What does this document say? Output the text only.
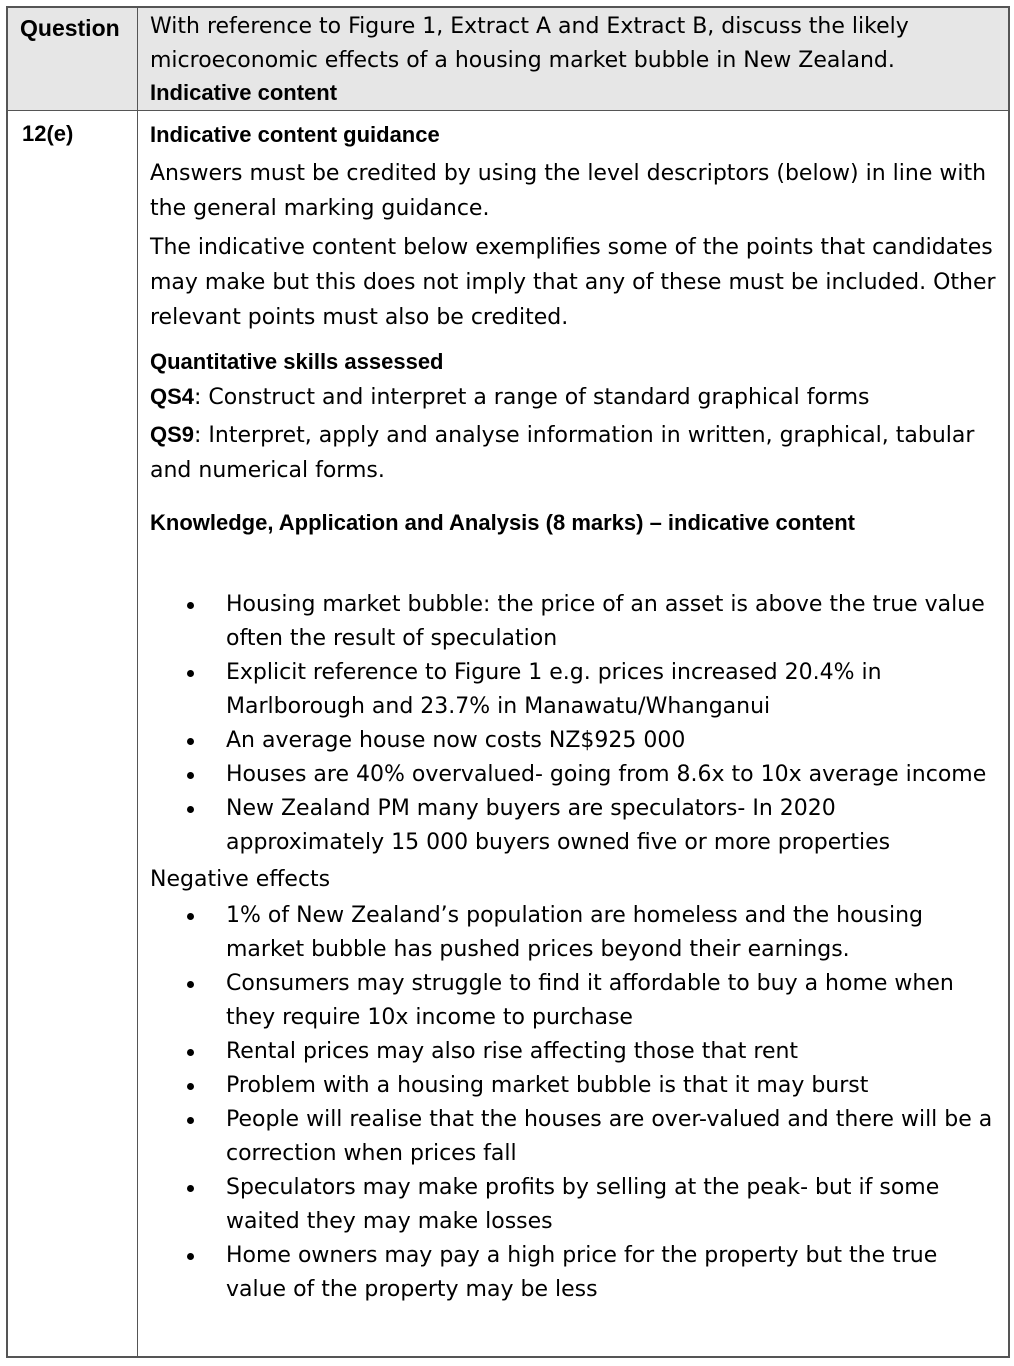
Question	With reference to Figure 1, Extract A and Extract B, discuss the likely microeconomic effects of a housing market bubble in New Zealand.
Indicative content
12(e)	Indicative content guidance

Answers must be credited by using the level descriptors (below) in line with the general marking guidance.

The indicative content below exemplifies some of the points that candidates may make but this does not imply that any of these must be included. Other relevant points must also be credited.

Quantitative skills assessed

QS4: Construct and interpret a range of standard graphical forms

QS9: Interpret, apply and analyse information in written, graphical, tabular and numerical forms.

Knowledge, Application and Analysis (8 marks) – indicative content

Housing market bubble: the price of an asset is above the true value often the result of speculation
Explicit reference to Figure 1 e.g. prices increased 20.4% in Marlborough and 23.7% in Manawatu/Whanganui
An average house now costs NZ$925 000
Houses are 40% overvalued- going from 8.6x to 10x average income
New Zealand PM many buyers are speculators- In 2020 approximately 15 000 buyers owned five or more properties

Negative effects

1% of New Zealand’s population are homeless and the housing market bubble has pushed prices beyond their earnings.
Consumers may struggle to find it affordable to buy a home when they require 10x income to purchase
Rental prices may also rise affecting those that rent
Problem with a housing market bubble is that it may burst
People will realise that the houses are over-valued and there will be a correction when prices fall
Speculators may make profits by selling at the peak- but if some waited they may make losses
Home owners may pay a high price for the property but the true value of the property may be less
